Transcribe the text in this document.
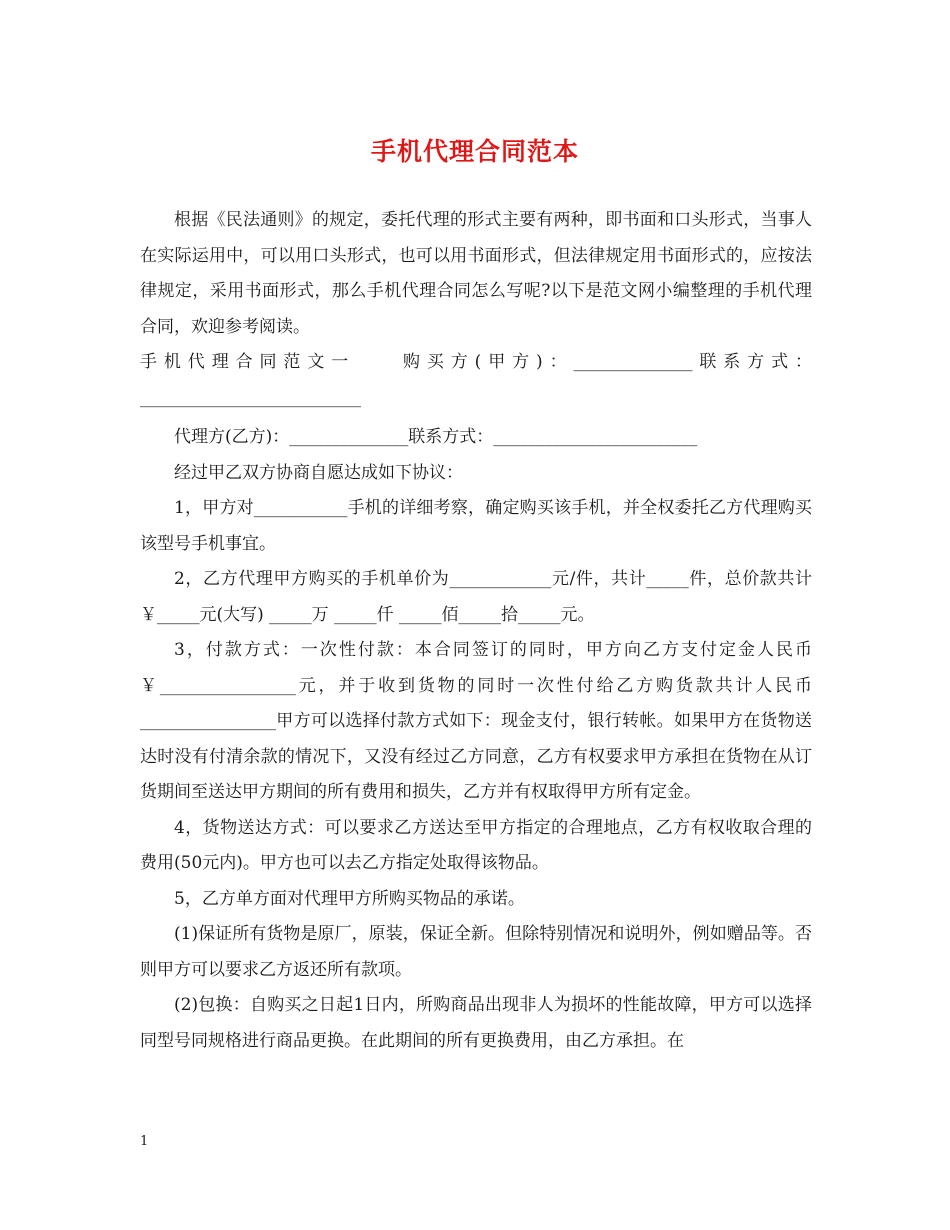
手机代理合同范本

根据《民法通则》的规定，委托代理的形式主要有两种，即书面和口头形式，当事人在实际运用中，可以用口头形式，也可以用书面形式，但法律规定用书面形式的，应按法律规定，采用书面形式，那么手机代理合同怎么写呢?以下是范文网小编整理的手机代理合同，欢迎参考阅读。

手机代理合同范文一　　购买方(甲方)：______________联系方式：__________________________

代理方(乙方)：______________联系方式：________________________

经过甲乙双方协商自愿达成如下协议：

1，甲方对___________手机的详细考察，确定购买该手机，并全权委托乙方代理购买该型号手机事宜。

2，乙方代理甲方购买的手机单价为____________元/件，共计_____件，总价款共计￥_____元(大写) _____万 _____仟 _____佰_____拾_____元。

3，付款方式：一次性付款：本合同签订的同时，甲方向乙方支付定金人民币￥________________元，并于收到货物的同时一次性付给乙方购货款共计人民币________________甲方可以选择付款方式如下：现金支付，银行转帐。如果甲方在货物送达时没有付清余款的情况下，又没有经过乙方同意，乙方有权要求甲方承担在货物在从订货期间至送达甲方期间的所有费用和损失，乙方并有权取得甲方所有定金。

4，货物送达方式：可以要求乙方送达至甲方指定的合理地点，乙方有权收取合理的费用(50元内)。甲方也可以去乙方指定处取得该物品。

5，乙方单方面对代理甲方所购买物品的承诺。

(1)保证所有货物是原厂，原装，保证全新。但除特别情况和说明外，例如赠品等。否则甲方可以要求乙方返还所有款项。

(2)包换：自购买之日起1日内，所购商品出现非人为损坏的性能故障，甲方可以选择同型号同规格进行商品更换。在此期间的所有更换费用，由乙方承担。在

1
